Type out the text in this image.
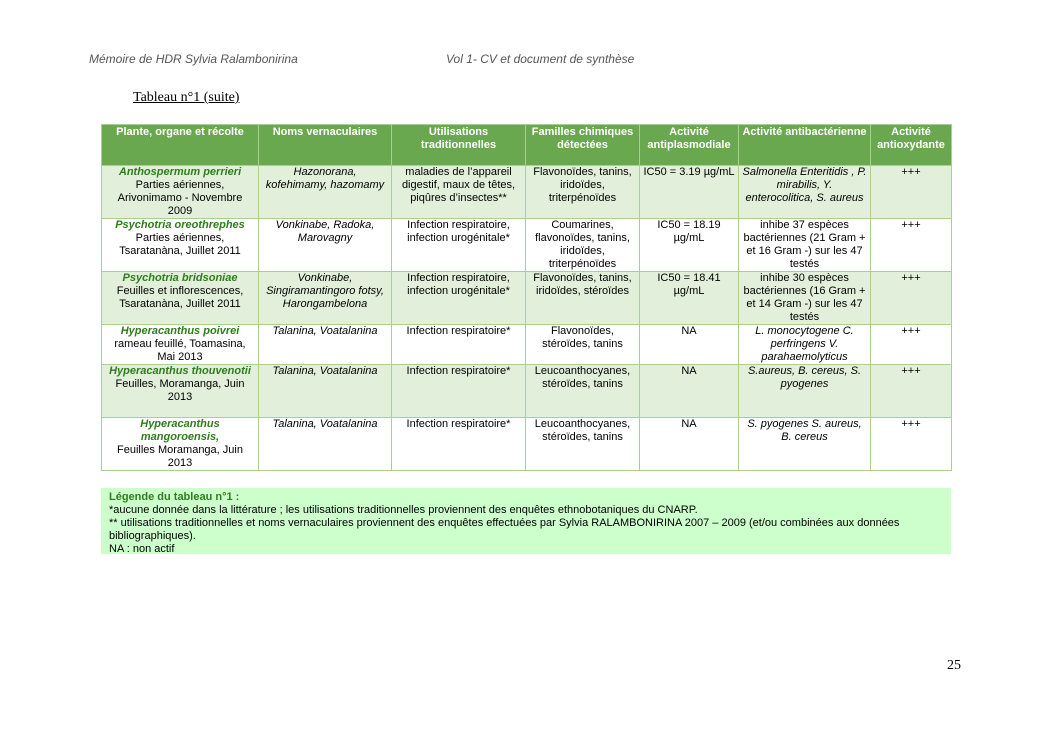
Mémoire de HDR Sylvia Ralambonirina	Vol 1- CV et document de synthèse
Tableau n°1 (suite)
Plante, organe et récolte	Noms vernaculaires	Utilisations traditionnelles	Familles chimiques détectées	Activité antiplasmodiale	Activité antibactérienne	Activité antioxydante
Anthospermum perrieri
Parties aériennes, Arivonimamo - Novembre 2009	Hazonorana, kofehimamy, hazomamy	maladies de l’appareil digestif, maux de têtes, piqûres d’insectes**	Flavonoïdes, tanins, iridoïdes, triterpénoïdes	IC50 = 3.19 µg/mL	Salmonella Enteritidis , P. mirabilis, Y. enterocolitica, S. aureus	+++
Psychotria oreothrephes
Parties aériennes, Tsaratanàna, Juillet 2011	Vonkinabe, Radoka, Marovagny	Infection respiratoire, infection urogénitale*	Coumarines, flavonoïdes, tanins, iridoïdes, triterpénoïdes	IC50 = 18.19 µg/mL	inhibe 37 espèces bactériennes (21 Gram + et 16 Gram -) sur les 47 testés	+++
Psychotria bridsoniae
Feuilles et inflorescences, Tsaratanàna, Juillet 2011	Vonkinabe, Singiramantingoro fotsy, Harongambelona	Infection respiratoire, infection urogénitale*	Flavonoïdes, tanins, iridoïdes, stéroïdes	IC50 = 18.41 µg/mL	inhibe 30 espèces bactériennes (16 Gram + et 14 Gram -) sur les 47 testés	+++
Hyperacanthus poivrei
rameau feuillé, Toamasina, Mai 2013	Talanina, Voatalanina	Infection respiratoire*	Flavonoïdes, stéroïdes, tanins	NA	L. monocytogene C. perfringens V. parahaemolyticus	+++
Hyperacanthus thouvenotii
Feuilles, Moramanga, Juin 2013	Talanina, Voatalanina	Infection respiratoire*	Leucoanthocyanes, stéroïdes, tanins	NA	S.aureus, B. cereus, S. pyogenes	+++
Hyperacanthus mangoroensis,
Feuilles Moramanga, Juin 2013	Talanina, Voatalanina	Infection respiratoire*	Leucoanthocyanes, stéroïdes, tanins	NA	S. pyogenes S. aureus, B. cereus	+++
Légende du tableau n°1 :
*aucune donnée dans la littérature ; les utilisations traditionnelles proviennent des enquêtes ethnobotaniques du CNARP.
** utilisations traditionnelles et noms vernaculaires proviennent des enquêtes effectuées par Sylvia RALAMBONIRINA 2007 – 2009 (et/ou combinées aux données bibliographiques).
NA : non actif
25
